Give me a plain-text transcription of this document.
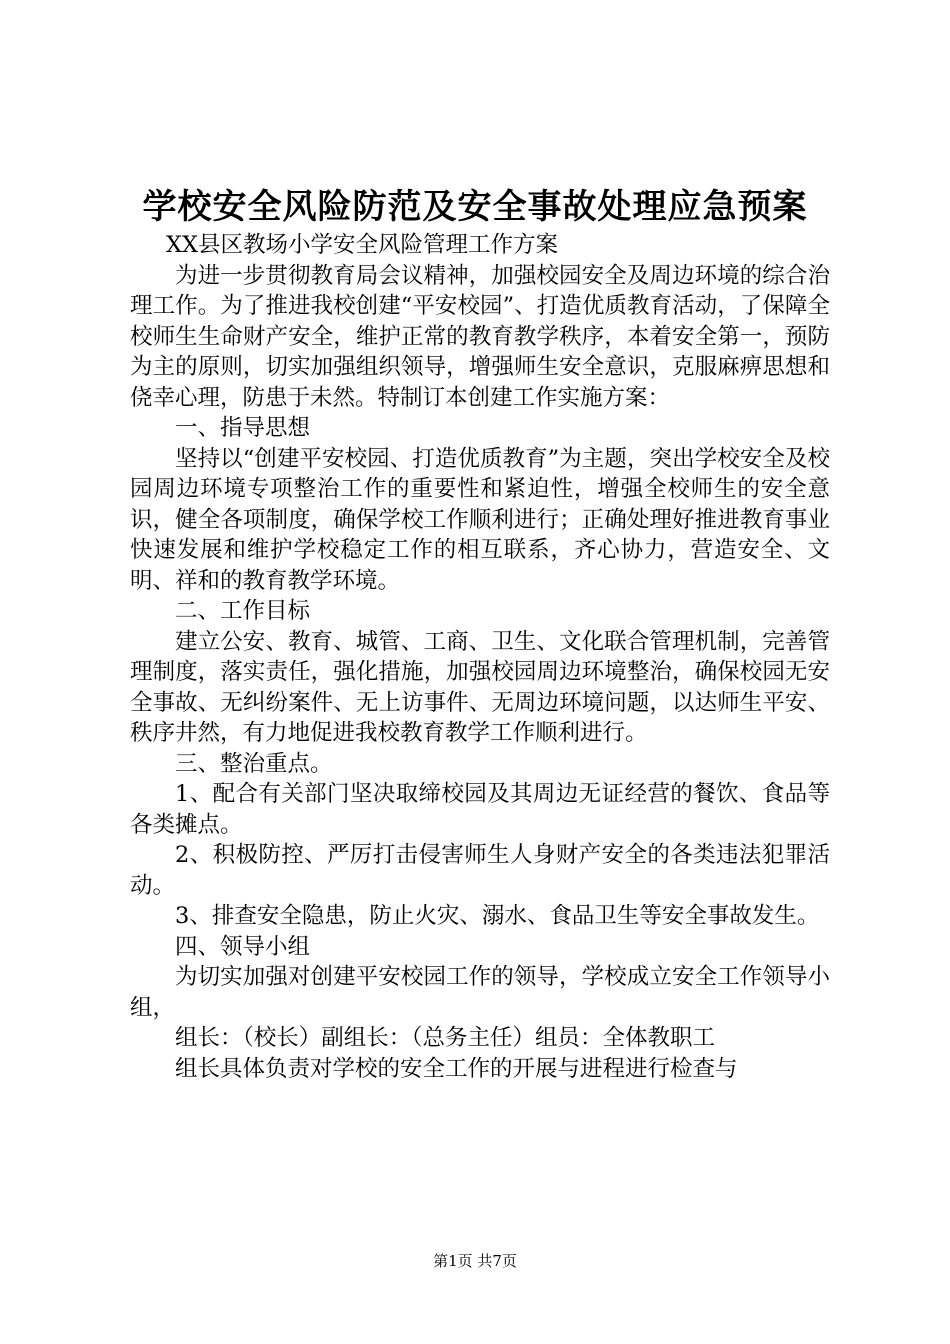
学校安全风险防范及安全事故处理应急预案

XX县区教场小学安全风险管理工作方案

为进一步贯彻教育局会议精神，加强校园安全及周边环境的综合治理工作。为了推进我校创建“平安校园”、打造优质教育活动，了保障全校师生生命财产安全，维护正常的教育教学秩序，本着安全第一，预防为主的原则，切实加强组织领导，增强师生安全意识，克服麻痹思想和侥幸心理，防患于未然。特制订本创建工作实施方案：

一、指导思想

坚持以“创建平安校园、打造优质教育”为主题，突出学校安全及校园周边环境专项整治工作的重要性和紧迫性，增强全校师生的安全意识，健全各项制度，确保学校工作顺利进行；正确处理好推进教育事业快速发展和维护学校稳定工作的相互联系，齐心协力，营造安全、文明、祥和的教育教学环境。

二、工作目标

建立公安、教育、城管、工商、卫生、文化联合管理机制，完善管理制度，落实责任，强化措施，加强校园周边环境整治，确保校园无安全事故、无纠纷案件、无上访事件、无周边环境问题，以达师生平安、秩序井然，有力地促进我校教育教学工作顺利进行。

三、整治重点。

1、配合有关部门坚决取缔校园及其周边无证经营的餐饮、食品等各类摊点。

2、积极防控、严厉打击侵害师生人身财产安全的各类违法犯罪活动。

3、排查安全隐患，防止火灾、溺水、食品卫生等安全事故发生。

四、领导小组

为切实加强对创建平安校园工作的领导，学校成立安全工作领导小组，

组长：（校长）副组长：（总务主任）组员：全体教职工

组长具体负责对学校的安全工作的开展与进程进行检查与

第1页 共7页
